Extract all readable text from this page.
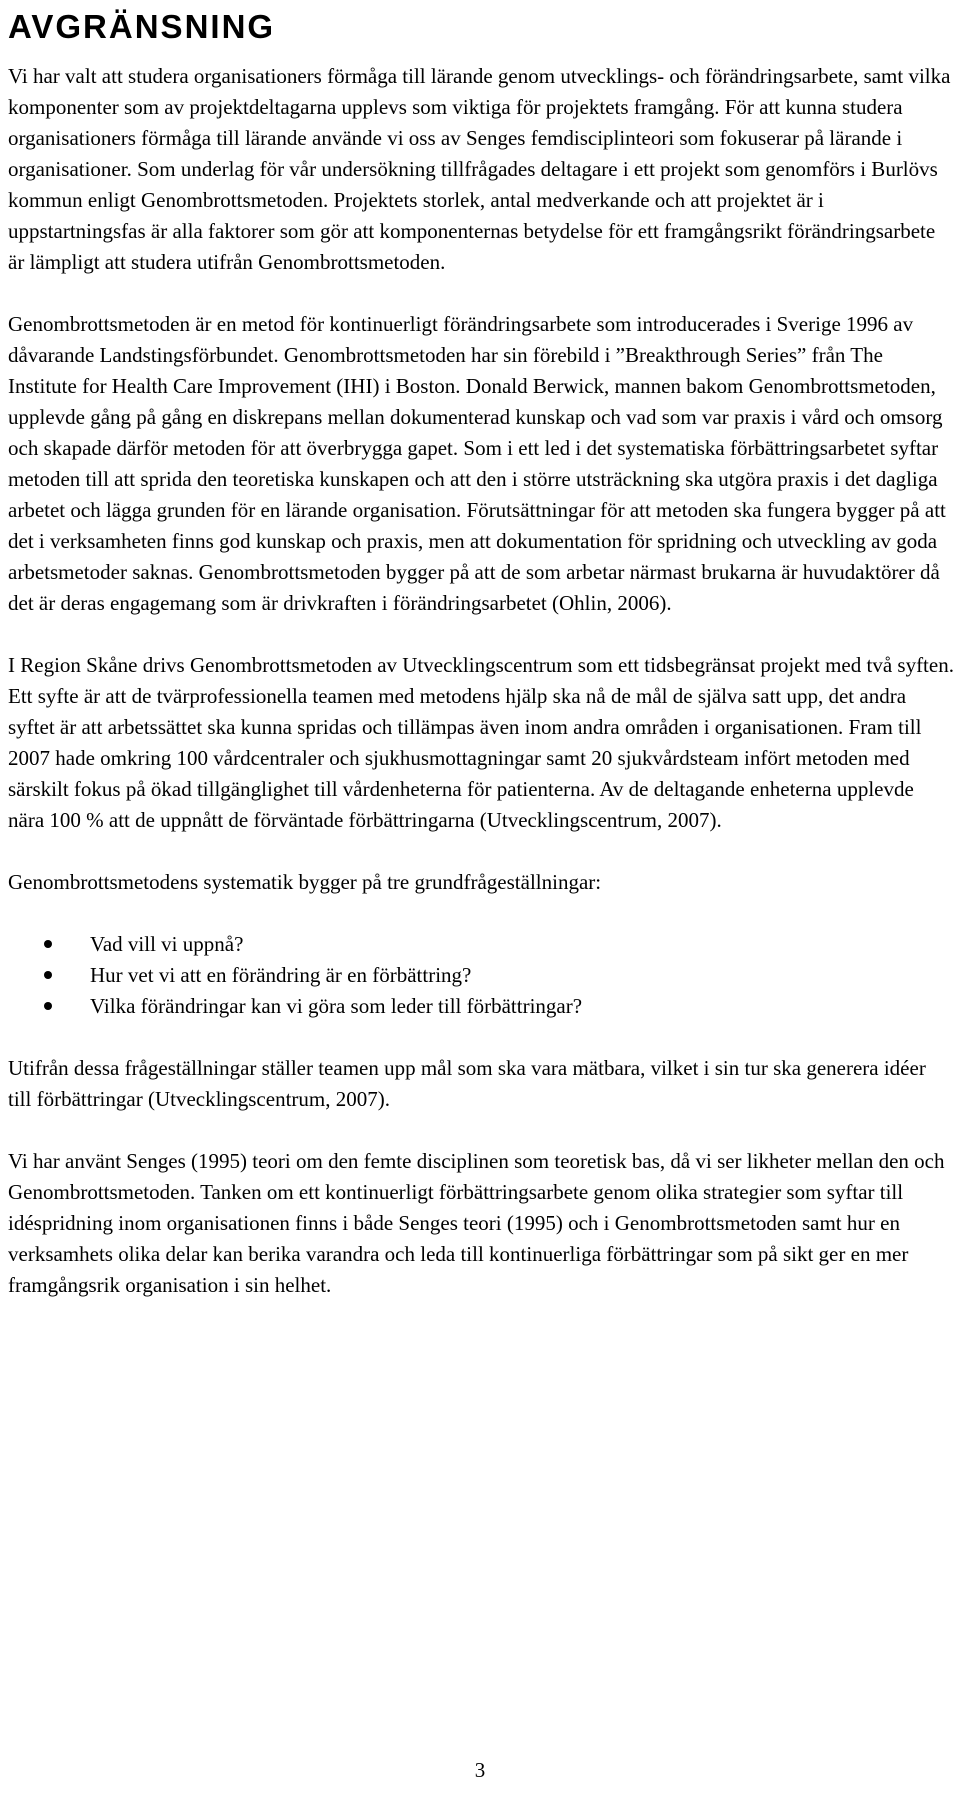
AVGRÄNSNING

Vi har valt att studera organisationers förmåga till lärande genom utvecklings- och förändringsarbete, samt vilka komponenter som av projektdeltagarna upplevs som viktiga för projektets framgång. För att kunna studera organisationers förmåga till lärande använde vi oss av Senges femdisciplinteori som fokuserar på lärande i organisationer. Som underlag för vår undersökning tillfrågades deltagare i ett projekt som genomförs i Burlövs kommun enligt Genombrottsmetoden. Projektets storlek, antal medverkande och att projektet är i uppstartningsfas är alla faktorer som gör att komponenternas betydelse för ett framgångsrikt förändringsarbete är lämpligt att studera utifrån Genombrottsmetoden.

Genombrottsmetoden är en metod för kontinuerligt förändringsarbete som introducerades i Sverige 1996 av dåvarande Landstingsförbundet. Genombrottsmetoden har sin förebild i ”Breakthrough Series” från The Institute for Health Care Improvement (IHI) i Boston. Donald Berwick, mannen bakom Genombrottsmetoden, upplevde gång på gång en diskrepans mellan dokumenterad kunskap och vad som var praxis i vård och omsorg och skapade därför metoden för att överbrygga gapet. Som i ett led i det systematiska förbättringsarbetet syftar metoden till att sprida den teoretiska kunskapen och att den i större utsträckning ska utgöra praxis i det dagliga arbetet och lägga grunden för en lärande organisation. Förutsättningar för att metoden ska fungera bygger på att det i verksamheten finns god kunskap och praxis, men att dokumentation för spridning och utveckling av goda arbetsmetoder saknas. Genombrottsmetoden bygger på att de som arbetar närmast brukarna är huvudaktörer då det är deras engagemang som är drivkraften i förändringsarbetet (Ohlin, 2006).

I Region Skåne drivs Genombrottsmetoden av Utvecklingscentrum som ett tidsbegränsat projekt med två syften. Ett syfte är att de tvärprofessionella teamen med metodens hjälp ska nå de mål de själva satt upp, det andra syftet är att arbetssättet ska kunna spridas och tillämpas även inom andra områden i organisationen. Fram till 2007 hade omkring 100 vårdcentraler och sjukhusmottagningar samt 20 sjukvårdsteam infört metoden med särskilt fokus på ökad tillgänglighet till vårdenheterna för patienterna. Av de deltagande enheterna upplevde nära 100 % att de uppnått de förväntade förbättringarna (Utvecklingscentrum, 2007).

Genombrottsmetodens systematik bygger på tre grundfrågeställningar:

Vad vill vi uppnå?
Hur vet vi att en förändring är en förbättring?
Vilka förändringar kan vi göra som leder till förbättringar?

Utifrån dessa frågeställningar ställer teamen upp mål som ska vara mätbara, vilket i sin tur ska generera idéer till förbättringar (Utvecklingscentrum, 2007).

Vi har använt Senges (1995) teori om den femte disciplinen som teoretisk bas, då vi ser likheter mellan den och Genombrottsmetoden. Tanken om ett kontinuerligt förbättringsarbete genom olika strategier som syftar till idéspridning inom organisationen finns i både Senges teori (1995) och i Genombrottsmetoden samt hur en verksamhets olika delar kan berika varandra och leda till kontinuerliga förbättringar som på sikt ger en mer framgångsrik organisation i sin helhet.

3
